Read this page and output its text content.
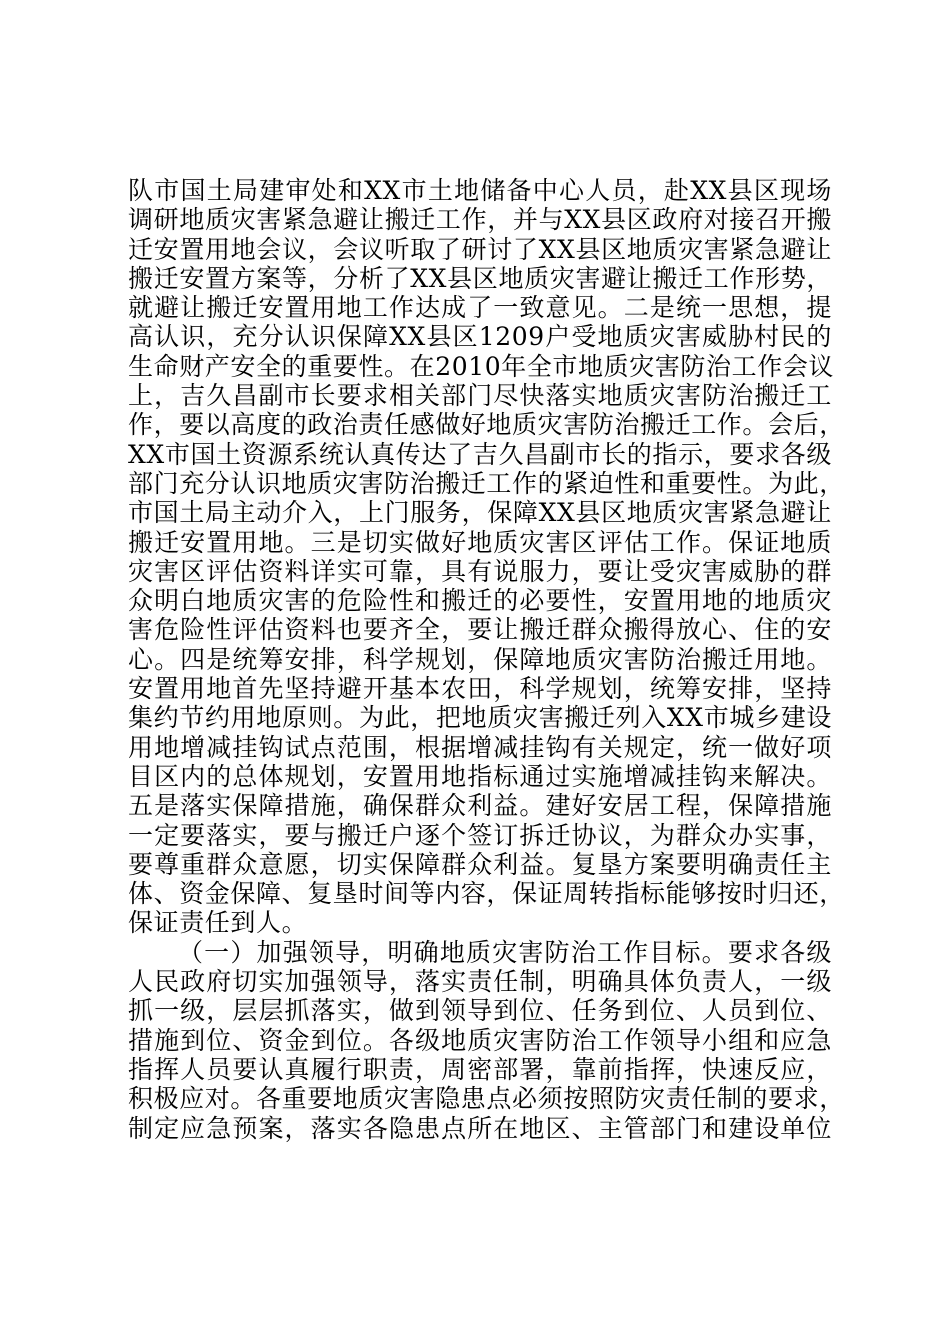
队市国土局建审处和XX市土地储备中心人员，赴XX县区现场
调研地质灾害紧急避让搬迁工作，并与XX县区政府对接召开搬
迁安置用地会议，会议听取了研讨了XX县区地质灾害紧急避让
搬迁安置方案等，分析了XX县区地质灾害避让搬迁工作形势，
就避让搬迁安置用地工作达成了一致意见。二是统一思想，提
高认识，充分认识保障XX县区1209户受地质灾害威胁村民的
生命财产安全的重要性。在2010年全市地质灾害防治工作会议
上，吉久昌副市长要求相关部门尽快落实地质灾害防治搬迁工
作，要以高度的政治责任感做好地质灾害防治搬迁工作。会后，
XX市国土资源系统认真传达了吉久昌副市长的指示，要求各级
部门充分认识地质灾害防治搬迁工作的紧迫性和重要性。为此，
市国土局主动介入，上门服务，保障XX县区地质灾害紧急避让
搬迁安置用地。三是切实做好地质灾害区评估工作。保证地质
灾害区评估资料详实可靠，具有说服力，要让受灾害威胁的群
众明白地质灾害的危险性和搬迁的必要性，安置用地的地质灾
害危险性评估资料也要齐全，要让搬迁群众搬得放心、住的安
心。四是统筹安排，科学规划，保障地质灾害防治搬迁用地。
安置用地首先坚持避开基本农田，科学规划，统筹安排，坚持
集约节约用地原则。为此，把地质灾害搬迁列入XX市城乡建设
用地增减挂钩试点范围，根据增减挂钩有关规定，统一做好项
目区内的总体规划，安置用地指标通过实施增减挂钩来解决。
五是落实保障措施，确保群众利益。建好安居工程，保障措施
一定要落实，要与搬迁户逐个签订拆迁协议，为群众办实事，
要尊重群众意愿，切实保障群众利益。复垦方案要明确责任主
体、资金保障、复垦时间等内容，保证周转指标能够按时归还，
保证责任到人。
（一）加强领导，明确地质灾害防治工作目标。要求各级
人民政府切实加强领导，落实责任制，明确具体负责人，一级
抓一级，层层抓落实，做到领导到位、任务到位、人员到位、
措施到位、资金到位。各级地质灾害防治工作领导小组和应急
指挥人员要认真履行职责，周密部署，靠前指挥，快速反应，
积极应对。各重要地质灾害隐患点必须按照防灾责任制的要求，
制定应急预案，落实各隐患点所在地区、主管部门和建设单位
